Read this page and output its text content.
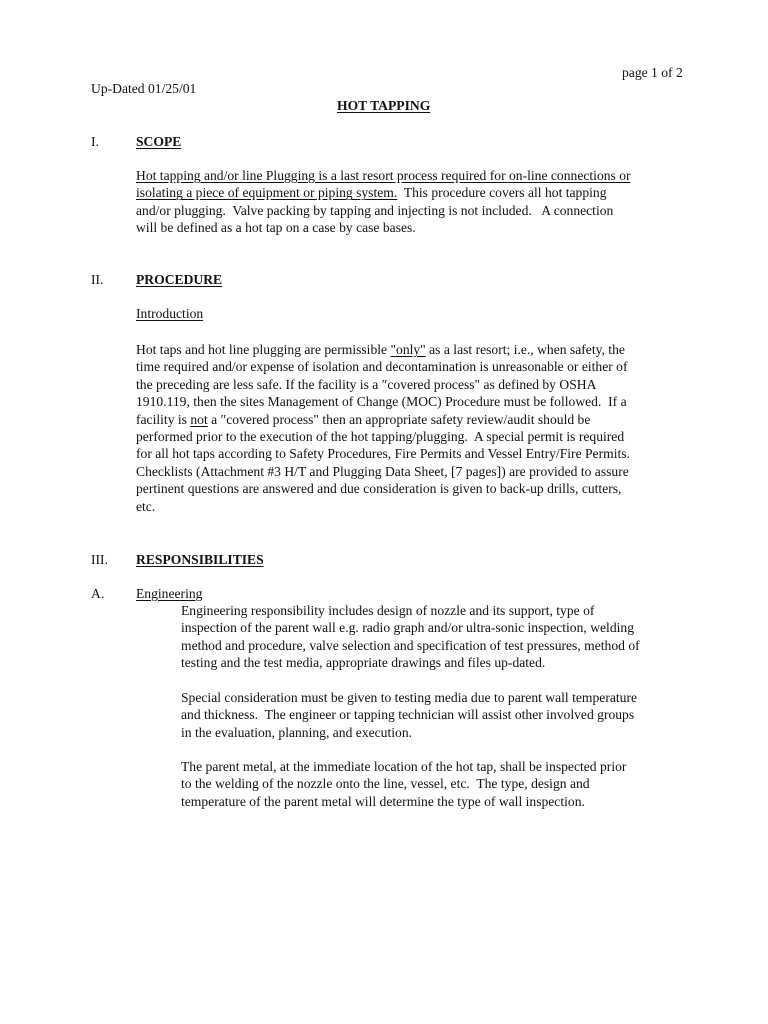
page 1 of 2
Up-Dated 01/25/01
HOT TAPPING
I.	SCOPE
Hot tapping and/or line Plugging is a last resort process required for on-line connections or
isolating a piece of equipment or piping system.  This procedure covers all hot tapping
and/or plugging.  Valve packing by tapping and injecting is not included.   A connection
will be defined as a hot tap on a case by case bases.
II. PROCEDURE
Introduction
Hot taps and hot line plugging are permissible "only" as a last resort; i.e., when safety, the
time required and/or expense of isolation and decontamination is unreasonable or either of
the preceding are less safe. If the facility is a ″covered process" as defined by OSHA
1910.119, then the sites Management of Change (MOC) Procedure must be followed.  If a
facility is not a ″covered process" then an appropriate safety review/audit should be
performed prior to the execution of the hot tapping/plugging.  A special permit is required
for all hot taps according to Safety Procedures, Fire Permits and Vessel Entry/Fire Permits.
Checklists (Attachment #3 H/T and Plugging Data Sheet, [7 pages]) are provided to assure
pertinent questions are answered and due consideration is given to back-up drills, cutters,
etc.
III. RESPONSIBILITIES
A. Engineering
Engineering responsibility includes design of nozzle and its support, type of
inspection of the parent wall e.g. radio graph and/or ultra-sonic inspection, welding
method and procedure, valve selection and specification of test pressures, method of
testing and the test media, appropriate drawings and files up-dated.
Special consideration must be given to testing media due to parent wall temperature
and thickness.  The engineer or tapping technician will assist other involved groups
in the evaluation, planning, and execution.
The parent metal, at the immediate location of the hot tap, shall be inspected prior
to the welding of the nozzle onto the line, vessel, etc.  The type, design and
temperature of the parent metal will determine the type of wall inspection.
